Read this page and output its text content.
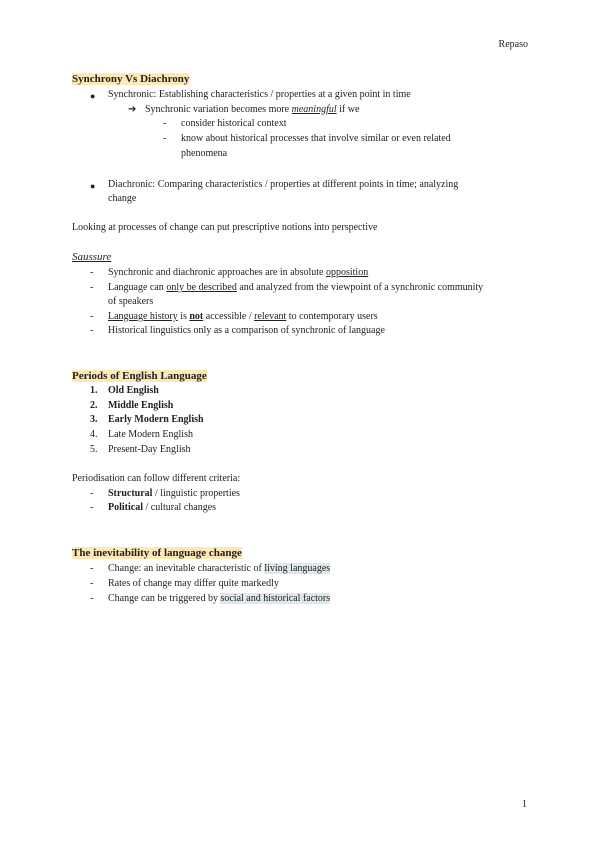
Repaso
Synchrony Vs Diachrony
● Synchronic: Establishing characteristics / properties at a given point in time
➔ Synchronic variation becomes more meaningful if we
- consider historical context
- know about historical processes that involve similar or even related
phenomena
● Diachronic: Comparing characteristics / properties at different points in time; analyzing
change
Looking at processes of change can put prescriptive notions into perspective
Saussure
- Synchronic and diachronic approaches are in absolute opposition
- Language can only be described and analyzed from the viewpoint of a synchronic community
of speakers
- Language history is not accessible / relevant to contemporary users
- Historical linguistics only as a comparison of synchronic of language
Periods of English Language
1. Old English
2. Middle English
3. Early Modern English
4. Late Modern English
5. Present-Day English
Periodisation can follow different criteria:
- Structural / linguistic properties
- Political / cultural changes
The inevitability of language change
- Change: an inevitable characteristic of living languages
- Rates of change may differ quite markedly
- Change can be triggered by social and historical factors
1
